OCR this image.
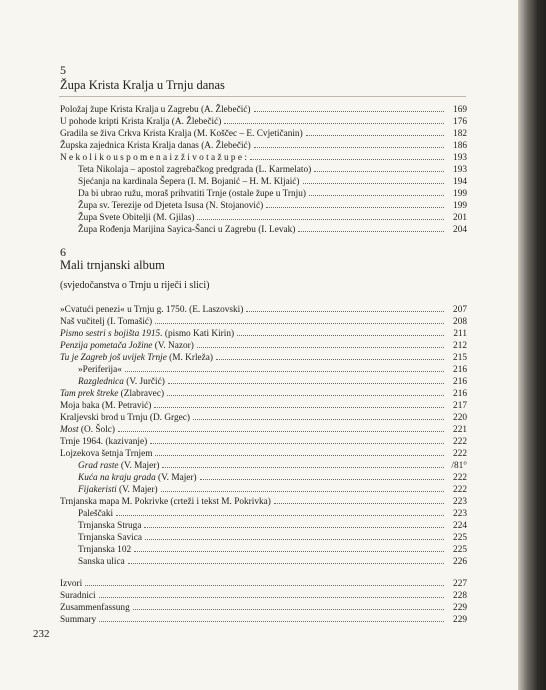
5
Župa Krista Kralja u Trnju danas
Položaj župe Krista Kralja u Zagrebu (A. Žlebečić)	169
U pohode kripti Krista Kralja (A. Žlebečić)	176
Gradila se živa Crkva Krista Kralja (M. Koščec – E. Cvjetičanin)	182
Župska zajednica Krista Kralja danas (A. Žlebečić)	186
N e k o l i k o u s p o m e n a i z ž i v o t a ž u p e :	193
Teta Nikolaja – apostol zagrebačkog predgrada (L. Karmelato)	193
Sjećanja na kardinala Šepera (I. M. Bojanić – H. M. Kljaić)	194
Da bi ubrao ružu, moraš prihvatiti Trnje (ostale župe u Trnju)	199
Župa sv. Terezije od Djeteta Isusa (N. Stojanović)	199
Župa Svete Obitelji (M. Gjilas)	201
Župa Rođenja Marijina Sayica-Šanci u Zagrebu (I. Levak)	204
6
Mali trnjanski album
(svjedočanstva o Trnju u riječi i slici)
»Cvatući penezi« u Trnju g. 1750. (E. Laszovski)	207
Naš vučitelj (I. Tomašić)	208
Pismo sestri s bojišta 1915. (pismo Kati Kirin)	211
Penzija pometača Jožine (V. Nazor)	212
Tu je Zagreb još uvijek Trnje (M. Krleža)	215
»Periferija«	216
Razglednica (V. Jurčić)	216
Tam prek štreke (Zlabravec)	216
Moja baka (M. Petravić)	217
Kraljevski brod u Trnju (D. Grgec)	220
Most (O. Šolc)	221
Trnje 1964. (kazivanje)	222
Lojzekova šetnja Trnjem	222
Grad raste (V. Majer)	/81°
Kuća na kraju grada (V. Majer)	222
Fijakeristi (V. Majer)	222
Trnjanska mapa M. Pokrivke (crteži i tekst M. Pokrivka)	223
Paleščaki	223
Trnjanska Struga	224
Trnjanska Savica	225
Trnjanska 102	225
Sanska ulica	226
Izvori	227
Suradnici	228
Zusammenfassung	229
Summary	229
232
